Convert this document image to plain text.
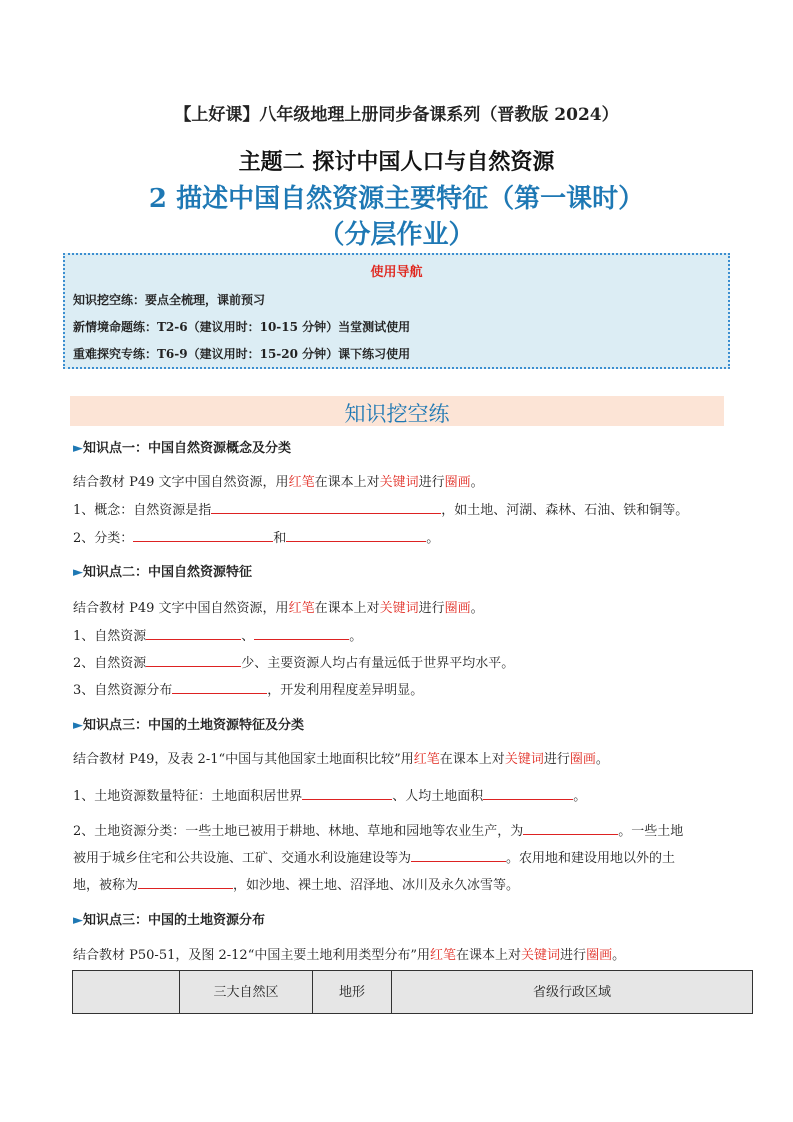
【上好课】八年级地理上册同步备课系列（晋教版 2024）
主题二 探讨中国人口与自然资源
2 描述中国自然资源主要特征（第一课时）
（分层作业）
使用导航
知识挖空练：要点全梳理，课前预习
新情境命题练：T2-6（建议用时：10-15 分钟）当堂测试使用
重难探究专练：T6-9（建议用时：15-20 分钟）课下练习使用
知识挖空练
►知识点一：中国自然资源概念及分类
结合教材 P49 文字中国自然资源，用红笔在课本上对关键词进行圈画。
1、概念：自然资源是指	，如土地、河湖、森林、石油、铁和铜等。
2、分类：	和	。
►知识点二：中国自然资源特征
结合教材 P49 文字中国自然资源，用红笔在课本上对关键词进行圈画。
1、自然资源	、	。
2、自然资源	少、主要资源人均占有量远低于世界平均水平。
3、自然资源分布	，开发利用程度差异明显。
►知识点三：中国的土地资源特征及分类
结合教材 P49，及表 2-1“中国与其他国家土地面积比较”用红笔在课本上对关键词进行圈画。
1、土地资源数量特征：土地面积居世界	、人均土地面积	。
2、土地资源分类：一些土地已被用于耕地、林地、草地和园地等农业生产，为	。一些土地
被用于城乡住宅和公共设施、工矿、交通水利设施建设等为	。农用地和建设用地以外的土
地，被称为	，如沙地、裸土地、沼泽地、冰川及永久冰雪等。
►知识点三：中国的土地资源分布
结合教材 P50-51，及图 2-12“中国主要土地利用类型分布”用红笔在课本上对关键词进行圈画。
	三大自然区	地形	省级行政区域
